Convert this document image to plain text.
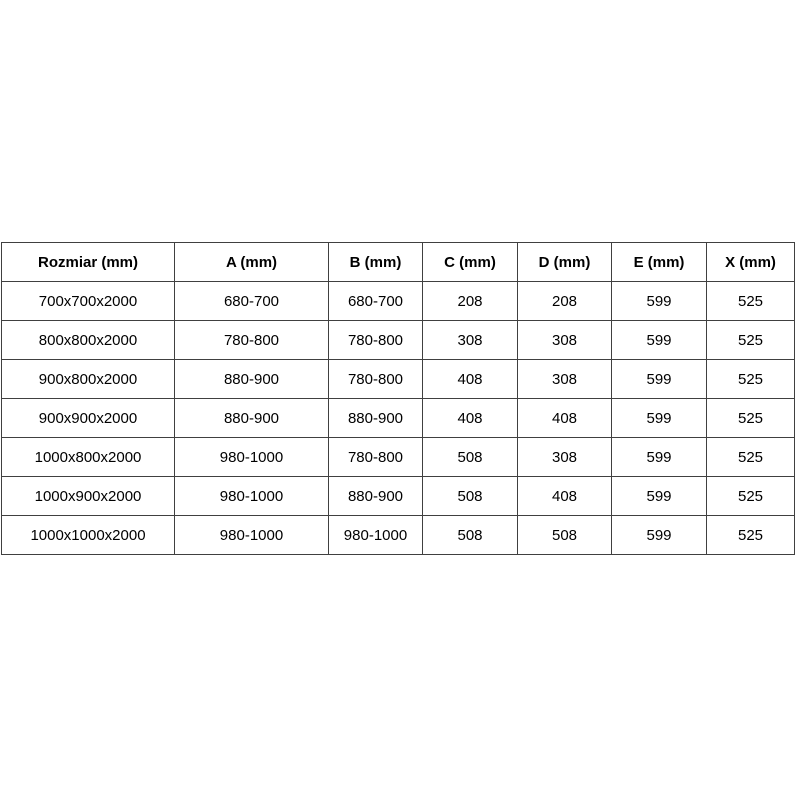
Rozmiar (mm)	A (mm)	B (mm)	C (mm)	D (mm)	E (mm)	X (mm)
700x700x2000	680-700	680-700	208	208	599	525
800x800x2000	780-800	780-800	308	308	599	525
900x800x2000	880-900	780-800	408	308	599	525
900x900x2000	880-900	880-900	408	408	599	525
1000x800x2000	980-1000	780-800	508	308	599	525
1000x900x2000	980-1000	880-900	508	408	599	525
1000x1000x2000	980-1000	980-1000	508	508	599	525
